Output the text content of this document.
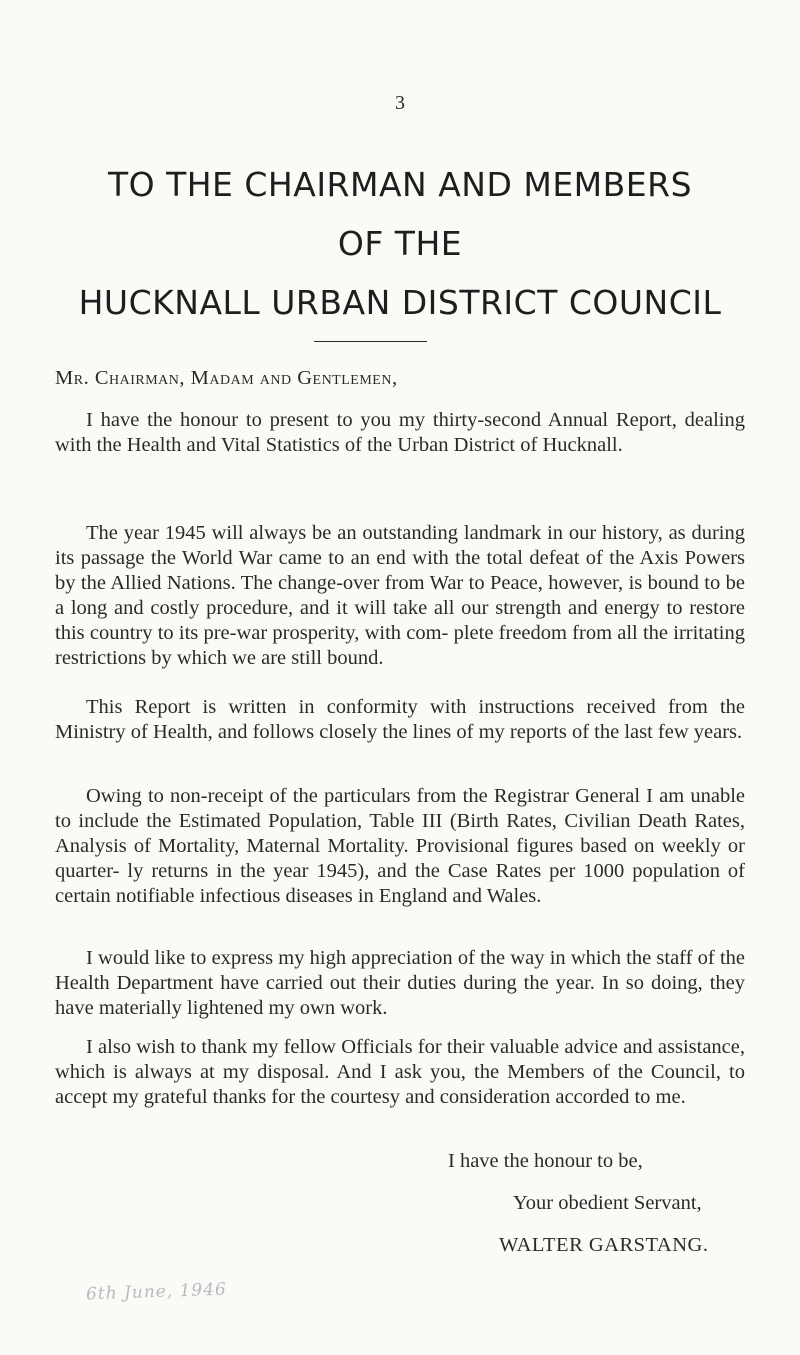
3
TO THE CHAIRMAN AND MEMBERS
OF THE
HUCKNALL URBAN DISTRICT COUNCIL
Mr. Chairman, Madam and Gentlemen,

I have the honour to present to you my thirty-second Annual Report, dealing with the Health and Vital Statistics of the Urban District of Hucknall.

The year 1945 will always be an outstanding landmark in our history, as during its passage the World War came to an end with the total defeat of the Axis Powers by the Allied Nations. The change-over from War to Peace, however, is bound to be a long and costly procedure, and it will take all our strength and energy to restore this country to its pre-war prosperity, with com- plete freedom from all the irritating restrictions by which we are still bound.

This Report is written in conformity with instructions received from the Ministry of Health, and follows closely the lines of my reports of the last few years.

Owing to non-receipt of the particulars from the Registrar General I am unable to include the Estimated Population, Table III (Birth Rates, Civilian Death Rates, Analysis of Mortality, Maternal Mortality. Provisional figures based on weekly or quarter- ly returns in the year 1945), and the Case Rates per 1000 population of certain notifiable infectious diseases in England and Wales.

I would like to express my high appreciation of the way in which the staff of the Health Department have carried out their duties during the year. In so doing, they have materially lightened my own work.

I also wish to thank my fellow Officials for their valuable advice and assistance, which is always at my disposal. And I ask you, the Members of the Council, to accept my grateful thanks for the courtesy and consideration accorded to me.

I have the honour to be,
Your obedient Servant,
WALTER GARSTANG.
6th June, 1946
